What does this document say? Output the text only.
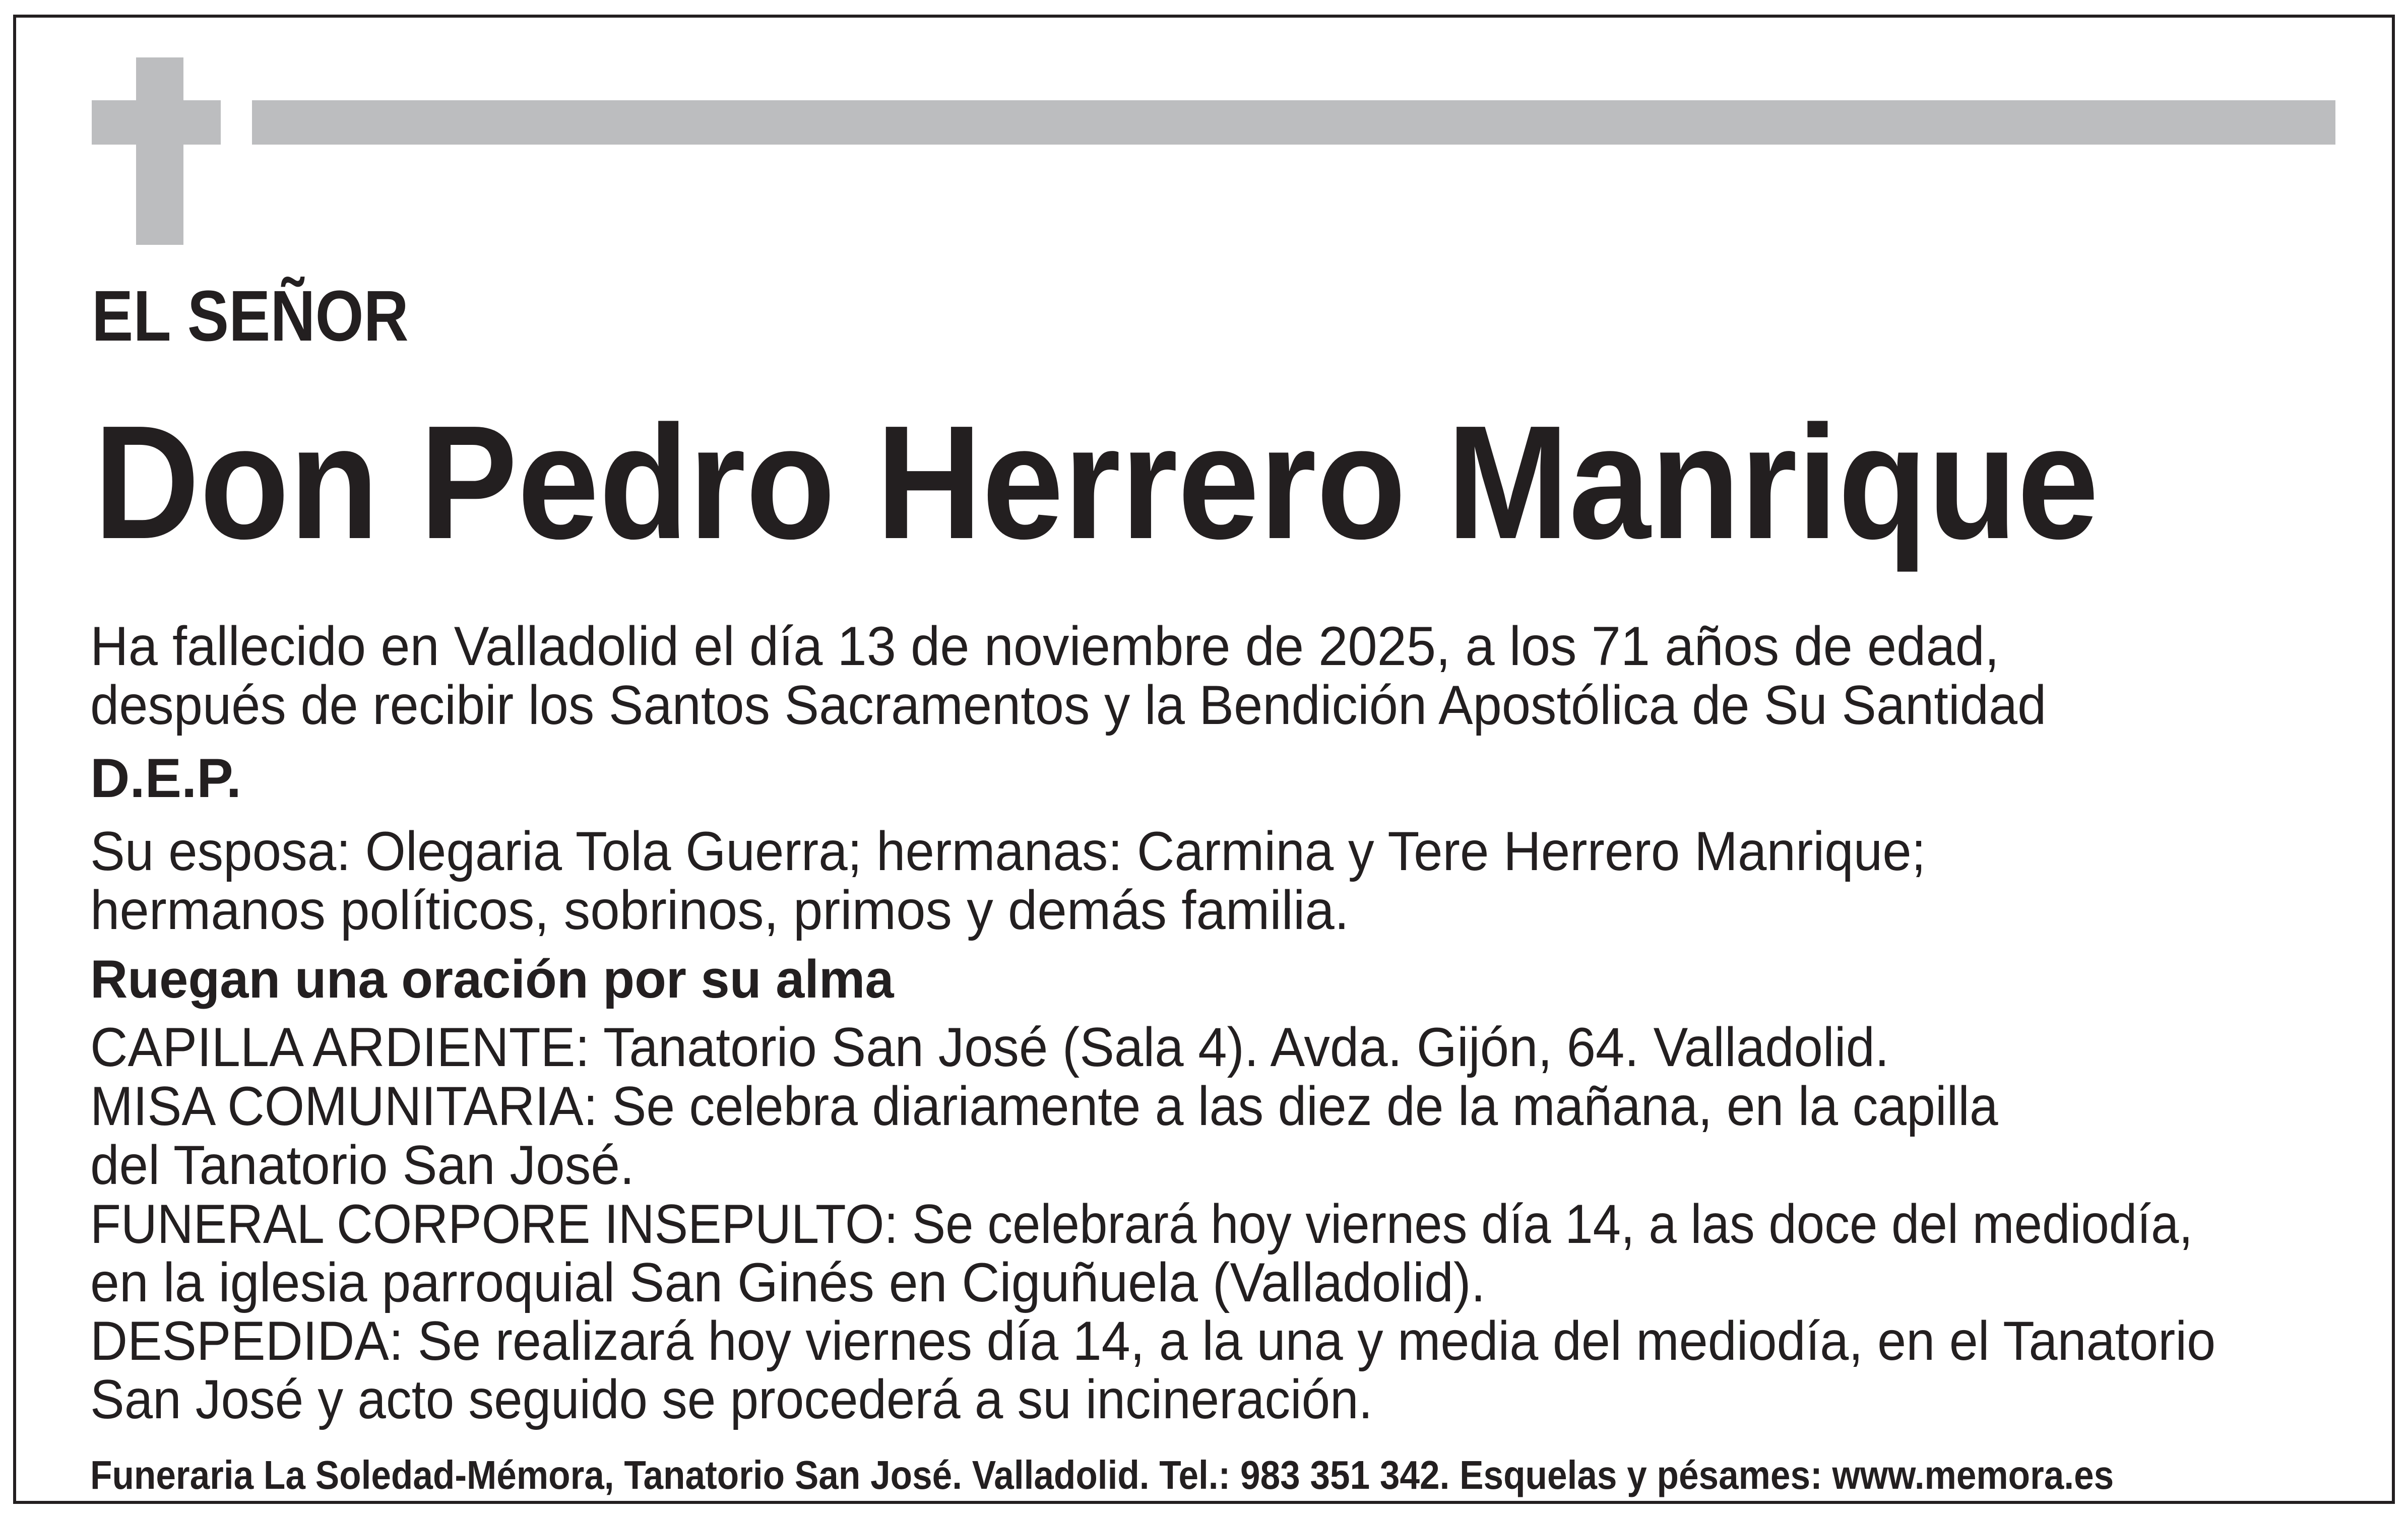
EL SEÑOR
Don Pedro Herrero Manrique
Ha fallecido en Valladolid el día 13 de noviembre de 2025, a los 71 años de edad,
después de recibir los Santos Sacramentos y la Bendición Apostólica de Su Santidad
D.E.P.
Su esposa: Olegaria Tola Guerra; hermanas: Carmina y Tere Herrero Manrique;
hermanos políticos, sobrinos, primos y demás familia.
Ruegan una oración por su alma
CAPILLA ARDIENTE: Tanatorio San José (Sala 4). Avda. Gijón, 64. Valladolid.
MISA COMUNITARIA: Se celebra diariamente a las diez de la mañana, en la capilla
del Tanatorio San José.
FUNERAL CORPORE INSEPULTO: Se celebrará hoy viernes día 14, a las doce del mediodía,
en la iglesia parroquial San Ginés en Ciguñuela (Valladolid).
DESPEDIDA: Se realizará hoy viernes día 14, a la una y media del mediodía, en el Tanatorio
San José y acto seguido se procederá a su incineración.
Funeraria La Soledad-Mémora, Tanatorio San José. Valladolid. Tel.: 983 351 342. Esquelas y pésames: www.memora.es
